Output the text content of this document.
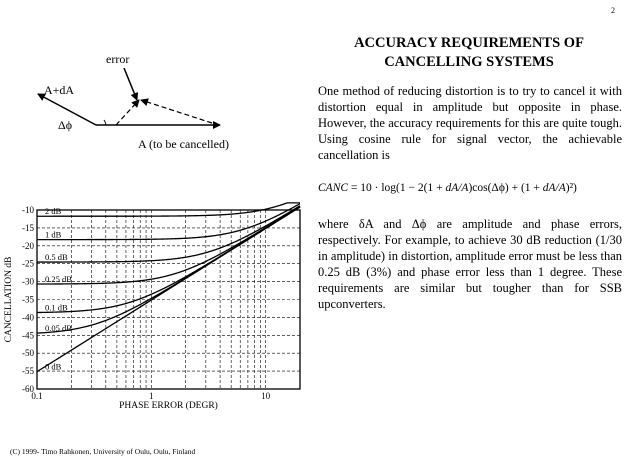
2
error
A+dA
Δϕ
A (to be cancelled)
2 dB
1 dB
0.5 dB
0.25 dB
0.1 dB
0.05 dB
0 dB
-10
-15
-20
-25
-30
-35
-40
-45
-50
-55
-60
0.1	1	10
PHASE ERROR (DEGR)
CANCELLATION dB
ACCURACY REQUIREMENTS OF
CANCELLING SYSTEMS

One method of reducing distortion is to try to cancel it with distortion equal in amplitude but opposite in phase. However, the accuracy requirements for this are quite tough. Using cosine rule for signal vector, the achievable cancellation is

CANC = 10 · log(1 − 2(1 + dA/A)cos(Δϕ) + (1 + dA/A)²)

where δA and Δϕ are amplitude and phase errors, respectively. For example, to achieve 30 dB reduction (1/30 in amplitude) in distortion, amplitude error must be less than 0.25 dB (3%) and phase error less than 1 degree. These requirements are similar but tougher than for SSB upconverters.

(C) 1999- Timo Rahkonen, University of Oulu, Oulu, Finland
